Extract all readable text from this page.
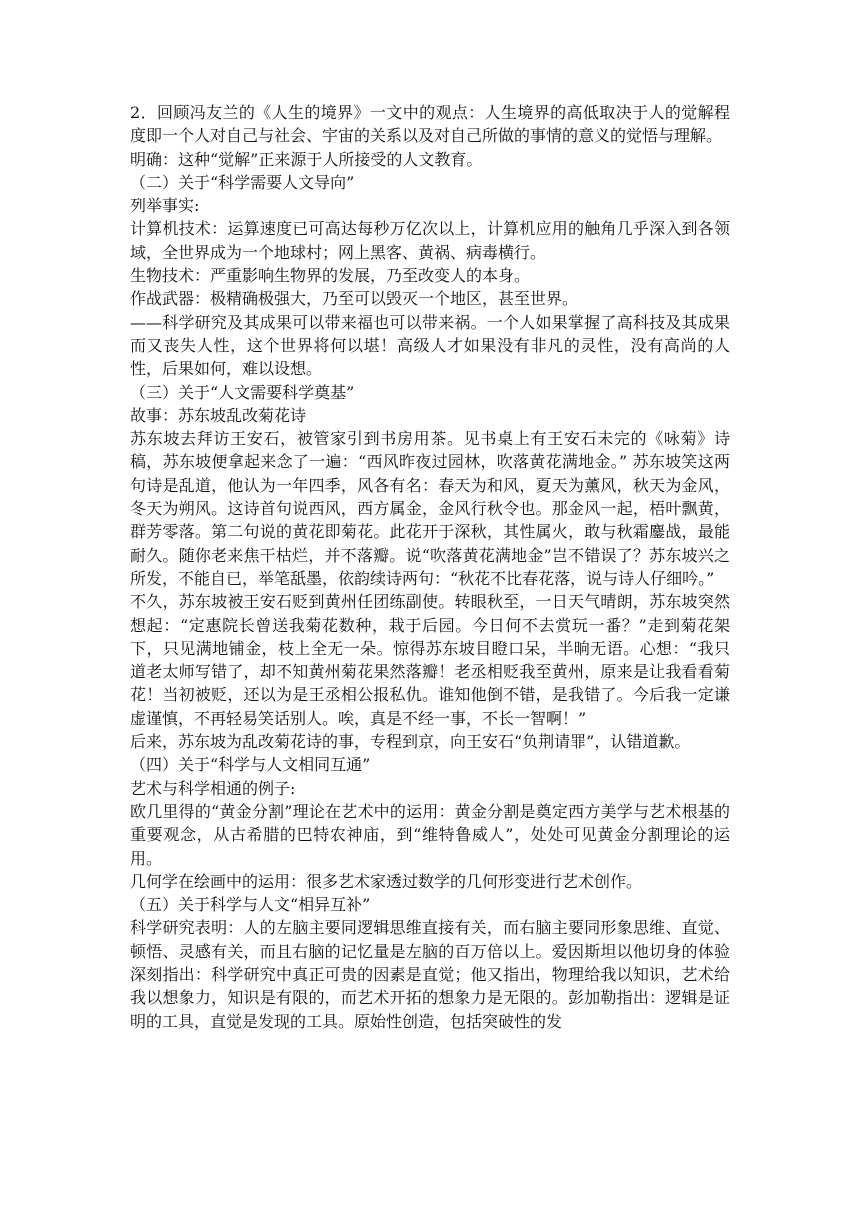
2．回顾冯友兰的《人生的境界》一文中的观点：人生境界的高低取决于人的觉解程度即一个人对自己与社会、宇宙的关系以及对自己所做的事情的意义的觉悟与理解。

明确：这种“觉解”正来源于人所接受的人文教育。

（二）关于“科学需要人文导向”

列举事实:

计算机技术：运算速度已可高达每秒万亿次以上，计算机应用的触角几乎深入到各领域，全世界成为一个地球村；网上黑客、黄祸、病毒横行。

生物技术：严重影响生物界的发展，乃至改变人的本身。

作战武器：极精确极强大，乃至可以毁灭一个地区，甚至世界。

——科学研究及其成果可以带来福也可以带来祸。一个人如果掌握了高科技及其成果而又丧失人性，这个世界将何以堪！高级人才如果没有非凡的灵性，没有高尚的人性，后果如何，难以设想。

（三）关于“人文需要科学奠基”

故事：苏东坡乱改菊花诗

苏东坡去拜访王安石，被管家引到书房用茶。见书桌上有王安石未完的《咏菊》诗稿，苏东坡便拿起来念了一遍：“西风昨夜过园林，吹落黄花满地金。” 苏东坡笑这两句诗是乱道，他认为一年四季，风各有名：春天为和风，夏天为薰风，秋天为金风，冬天为朔风。这诗首句说西风，西方属金，金风行秋令也。那金风一起，梧叶飘黄，群芳零落。第二句说的黄花即菊花。此花开于深秋，其性属火，敢与秋霜鏖战，最能耐久。随你老来焦干枯烂，并不落瓣。说“吹落黄花满地金”岂不错误了？苏东坡兴之所发，不能自已，举笔舐墨，依韵续诗两句：“秋花不比春花落，说与诗人仔细吟。”

不久，苏东坡被王安石贬到黄州任团练副使。转眼秋至，一日天气晴朗，苏东坡突然想起：“定惠院长曾送我菊花数种，栽于后园。今日何不去赏玩一番？”走到菊花架下，只见满地铺金，枝上全无一朵。惊得苏东坡目瞪口呆，半晌无语。心想：“我只道老太师写错了，却不知黄州菊花果然落瓣！老丞相贬我至黄州，原来是让我看看菊花！当初被贬，还以为是王丞相公报私仇。谁知他倒不错，是我错了。今后我一定谦虚谨慎，不再轻易笑话别人。唉，真是不经一事，不长一智啊！”

后来，苏东坡为乱改菊花诗的事，专程到京，向王安石“负荆请罪”，认错道歉。

（四）关于“科学与人文相同互通”

艺术与科学相通的例子:

欧几里得的“黄金分割”理论在艺术中的运用：黄金分割是奠定西方美学与艺术根基的重要观念，从古希腊的巴特农神庙，到“维特鲁威人”，处处可见黄金分割理论的运用。

几何学在绘画中的运用：很多艺术家透过数学的几何形变进行艺术创作。

（五）关于科学与人文“相异互补”

科学研究表明：人的左脑主要同逻辑思维直接有关，而右脑主要同形象思维、直觉、顿悟、灵感有关，而且右脑的记忆量是左脑的百万倍以上。爱因斯坦以他切身的体验深刻指出：科学研究中真正可贵的因素是直觉；他又指出，物理给我以知识，艺术给我以想象力，知识是有限的，而艺术开拓的想象力是无限的。彭加勒指出：逻辑是证明的工具，直觉是发现的工具。原始性创造，包括突破性的发
